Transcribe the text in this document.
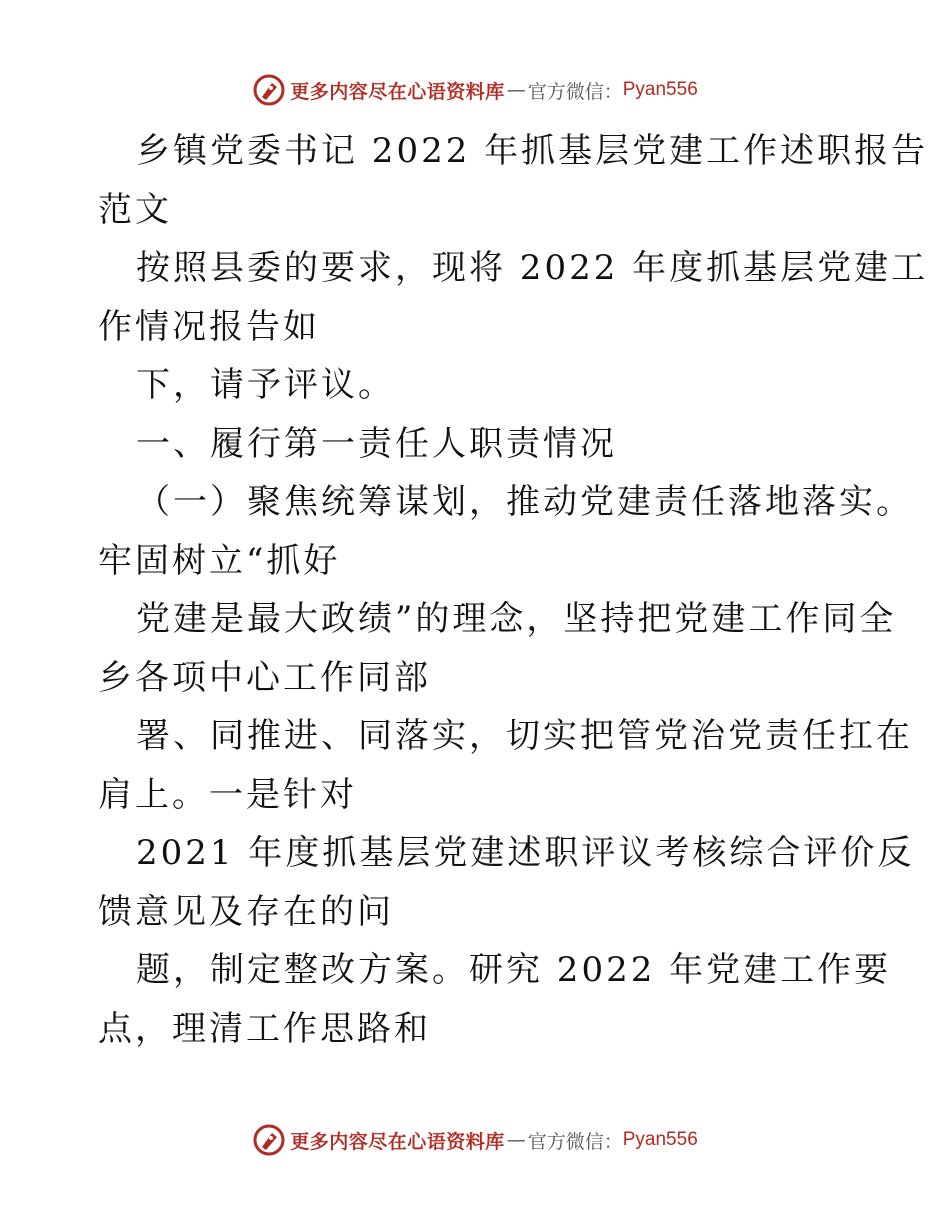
更多内容尽在心语资料库 — 官方微信： Pyan556
乡镇党委书记 2022 年抓基层党建工作述职报告
范文
按照县委的要求，现将 2022 年度抓基层党建工
作情况报告如
下，请予评议。
一、履行第一责任人职责情况
（一）聚焦统筹谋划，推动党建责任落地落实。
牢固树立“抓好
党建是最大政绩”的理念，坚持把党建工作同全
乡各项中心工作同部
署、同推进、同落实，切实把管党治党责任扛在
肩上。一是针对
2021 年度抓基层党建述职评议考核综合评价反
馈意见及存在的问
题，制定整改方案。研究 2022 年党建工作要
点，理清工作思路和
更多内容尽在心语资料库 — 官方微信： Pyan556
